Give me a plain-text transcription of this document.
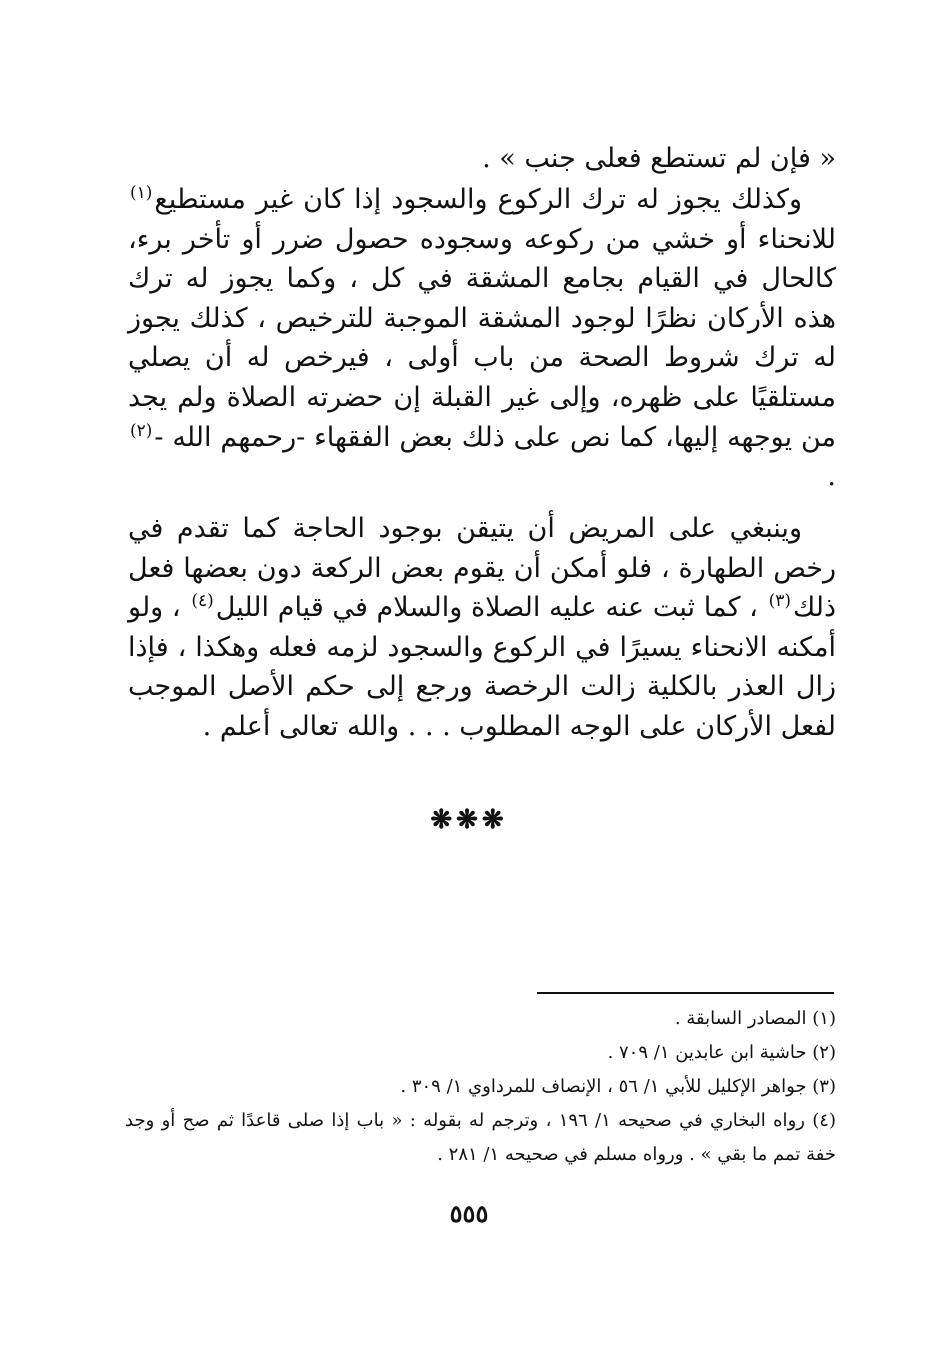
« فإن لم تستطع فعلى جنب » .

وكذلك يجوز له ترك الركوع والسجود إذا كان غير مستطيع$^{(١)}$ للانحناء أو خشي من ركوعه وسجوده حصول ضرر أو تأخر برء، كالحال في القيام بجامع المشقة في كل ، وكما يجوز له ترك هذه الأركان نظرًا لوجود المشقة الموجبة للترخيص ، كذلك يجوز له ترك شروط الصحة من باب أولى ، فيرخص له أن يصلي مستلقيًا على ظهره، وإلى غير القبلة إن حضرته الصلاة ولم يجد من يوجهه إليها، كما نص على ذلك بعض الفقهاء -رحمهم الله -$^{(٢)}$ .

وينبغي على المريض أن يتيقن بوجود الحاجة كما تقدم في رخص الطهارة ، فلو أمكن أن يقوم بعض الركعة دون بعضها فعل ذلك$^{(٣)}$ ، كما ثبت عنه عليه الصلاة والسلام في قيام الليل$^{(٤)}$ ، ولو أمكنه الانحناء يسيرًا في الركوع والسجود لزمه فعله وهكذا ، فإذا زال العذر بالكلية زالت الرخصة ورجع إلى حكم الأصل الموجب لفعل الأركان على الوجه المطلوب . . . والله تعالى أعلم .

❋❋❋

(١) المصادر السابقة .

(٢) حاشية ابن عابدين ١/ ٧٠٩ .

(٣) جواهر الإكليل للأبي ١/ ٥٦ ، الإنصاف للمرداوي ١/ ٣٠٩ .

(٤) رواه البخاري في صحيحه ١/ ١٩٦ ، وترجم له بقوله : « باب إذا صلى قاعدًا ثم صح أو وجد خفة تمم ما بقي » . ورواه مسلم في صحيحه ١/ ٢٨١ .

٥٥٥
